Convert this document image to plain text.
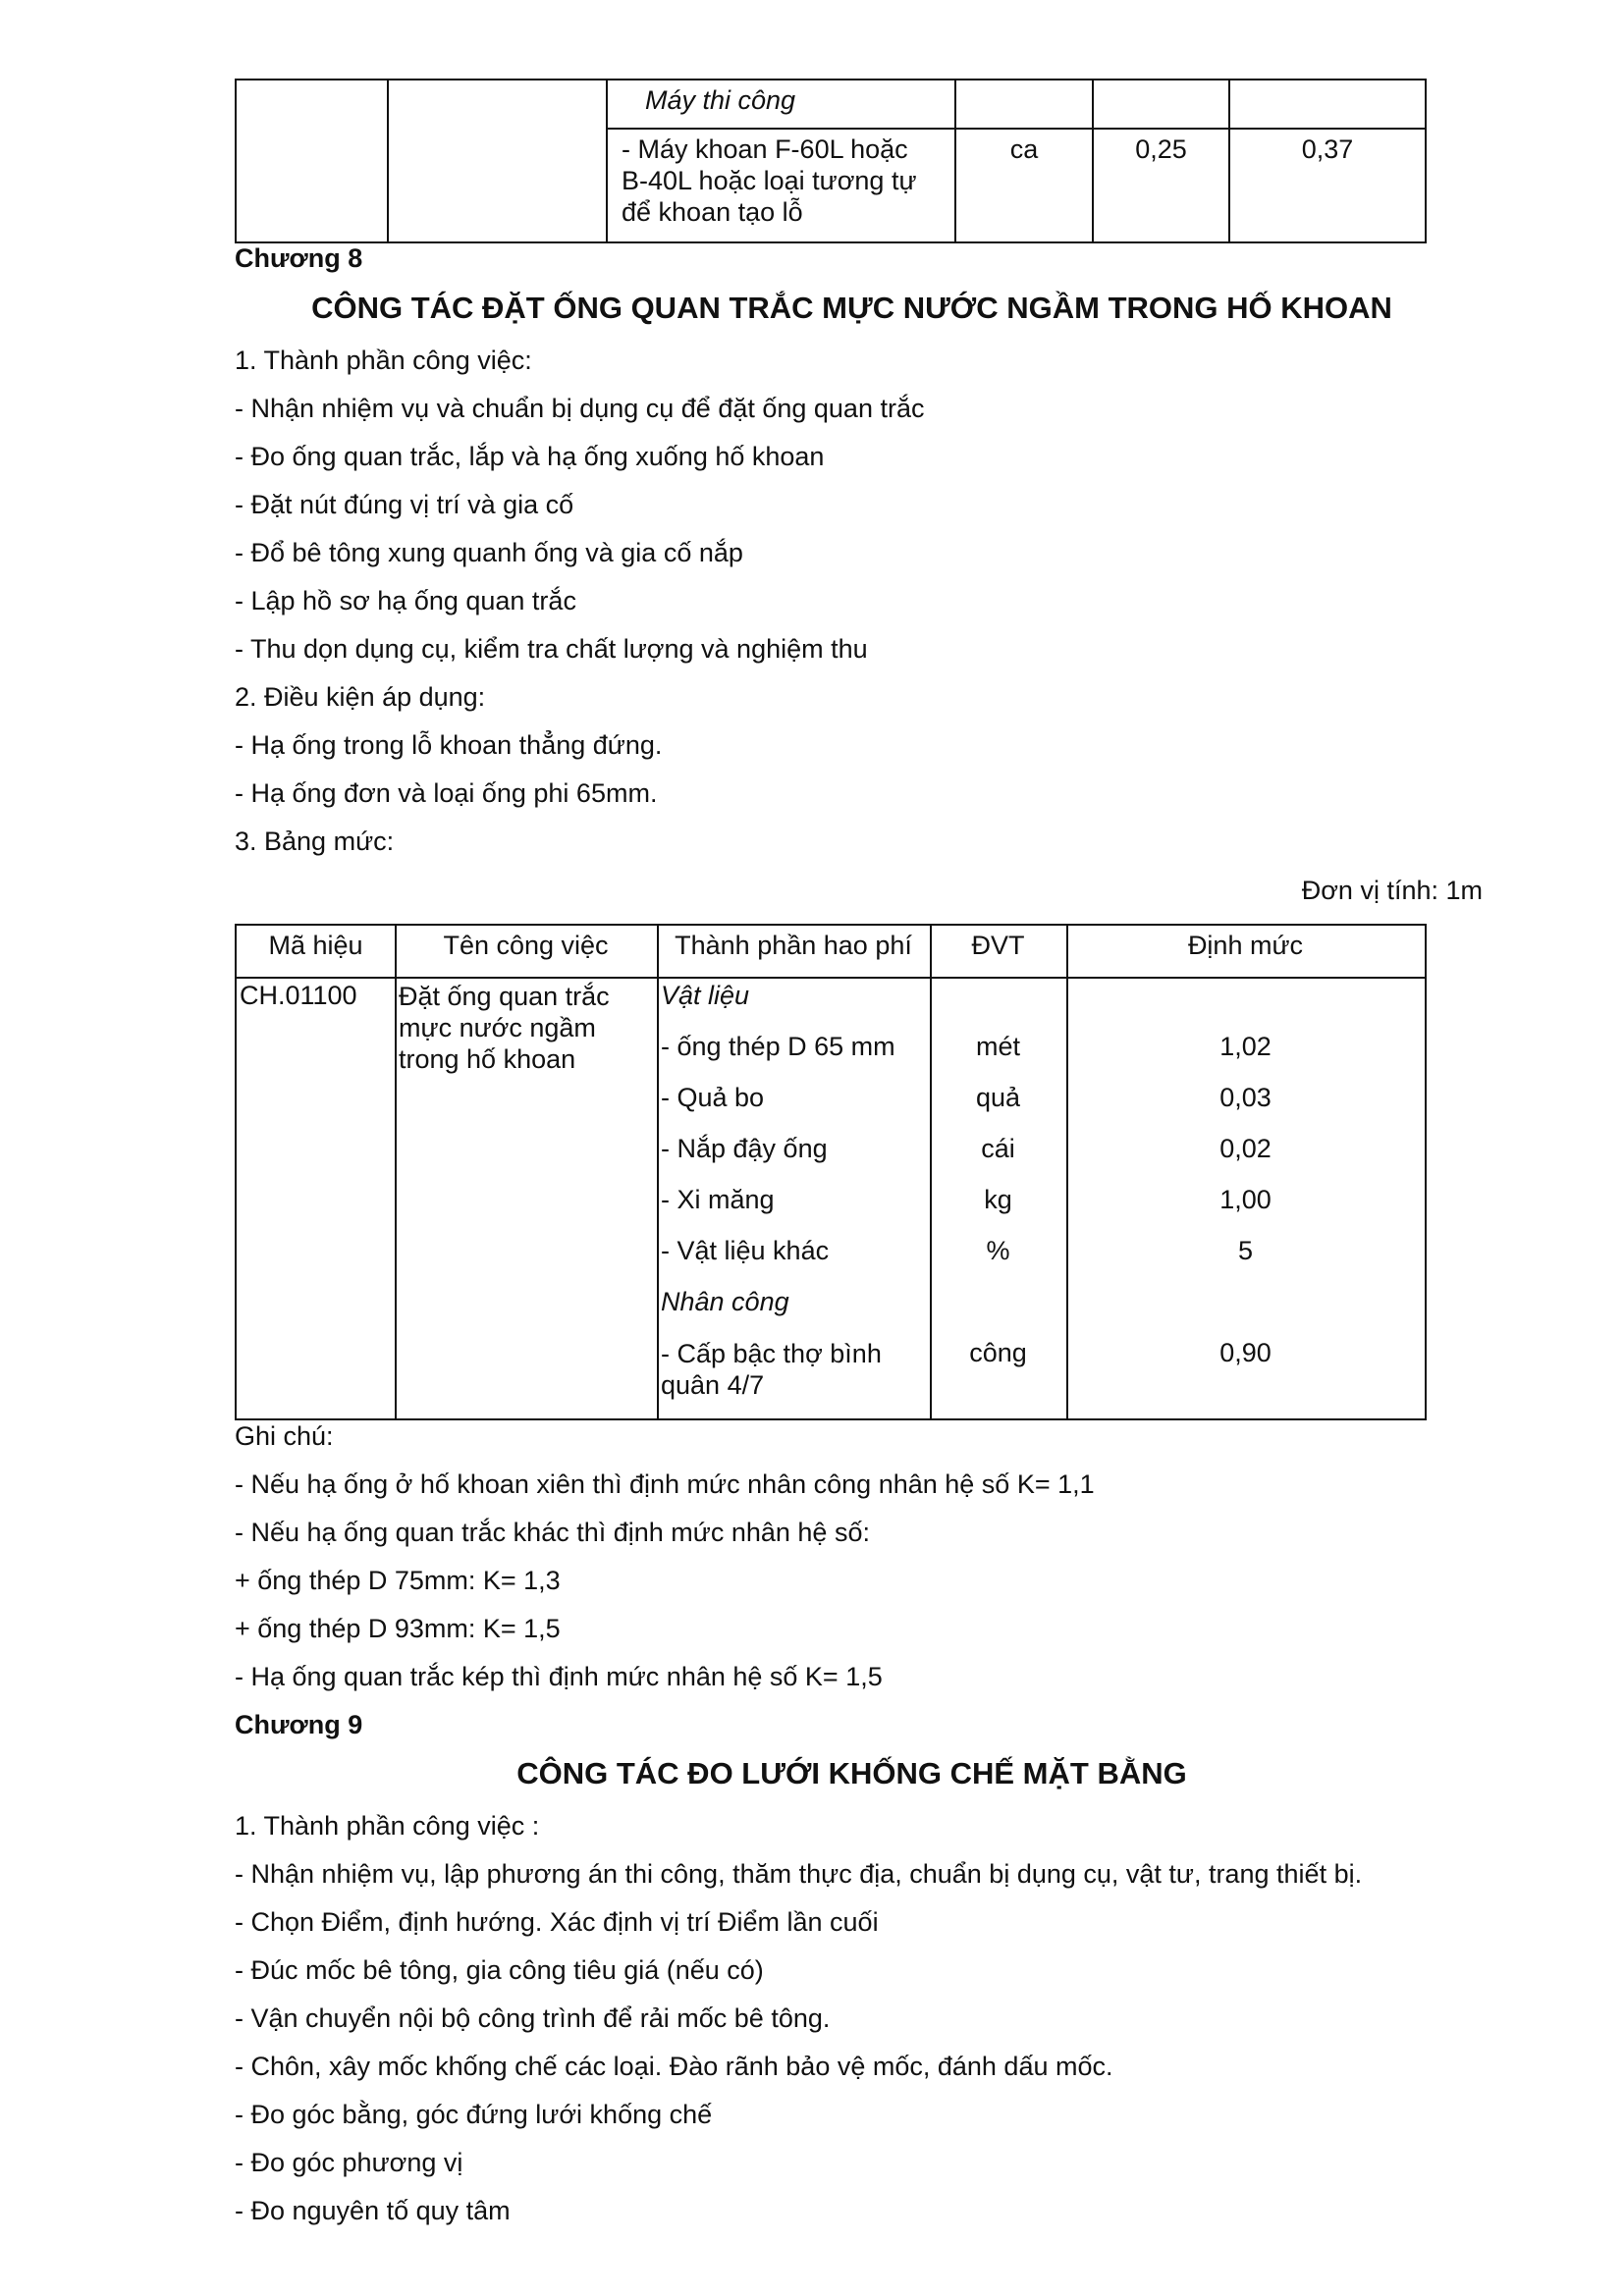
		Máy thi công			

		- Máy khoan F-60L hoặc
B-40L hoặc loại tương tự
để khoan tạo lỗ	ca	0,25	0,37
Chương 8
CÔNG TÁC ĐẶT ỐNG QUAN TRẮC MỰC NƯỚC NGẦM TRONG HỐ KHOAN
1. Thành phần công việc:
- Nhận nhiệm vụ và chuẩn bị dụng cụ để đặt ống quan trắc
- Đo ống quan trắc, lắp và hạ ống xuống hố khoan
- Đặt nút đúng vị trí và gia cố
- Đổ bê tông xung quanh ống và gia cố nắp
- Lập hồ sơ hạ ống quan trắc
- Thu dọn dụng cụ, kiểm tra chất lượng và nghiệm thu
2. Điều kiện áp dụng:
- Hạ ống trong lỗ khoan thẳng đứng.
- Hạ ống đơn và loại ống phi 65mm.
3. Bảng mức:
Đơn vị tính: 1m
Mã hiệu	Tên công việc	Thành phần hao phí	ĐVT	Định mức
CH.01100 Đặt ống quan trắc
mực nước ngầm
trong hố khoan
Vật liệu
- ống thép D 65 mm	mét	1,02
- Quả bo	quả	0,03
- Nắp đậy ống	cái	0,02
- Xi măng	kg	1,00
- Vật liệu khác	%	5
Nhân công
- Cấp bậc thợ bình
quân 4/7
công	0,90
Ghi chú:
- Nếu hạ ống ở hố khoan xiên thì định mức nhân công nhân hệ số K= 1,1
- Nếu hạ ống quan trắc khác thì định mức nhân hệ số:
+ ống thép D 75mm: K= 1,3
+ ống thép D 93mm: K= 1,5
- Hạ ống quan trắc kép thì định mức nhân hệ số K= 1,5
Chương 9
CÔNG TÁC ĐO LƯỚI KHỐNG CHẾ MẶT BẰNG
1. Thành phần công việc :
- Nhận nhiệm vụ, lập phương án thi công, thăm thực địa, chuẩn bị dụng cụ, vật tư, trang thiết bị.
- Chọn Điểm, định hướng. Xác định vị trí Điểm lần cuối
- Đúc mốc bê tông, gia công tiêu giá (nếu có)
- Vận chuyển nội bộ công trình để rải mốc bê tông.
- Chôn, xây mốc khống chế các loại. Đào rãnh bảo vệ mốc, đánh dấu mốc.
- Đo góc bằng, góc đứng lưới khống chế
- Đo góc phương vị
- Đo nguyên tố quy tâm
